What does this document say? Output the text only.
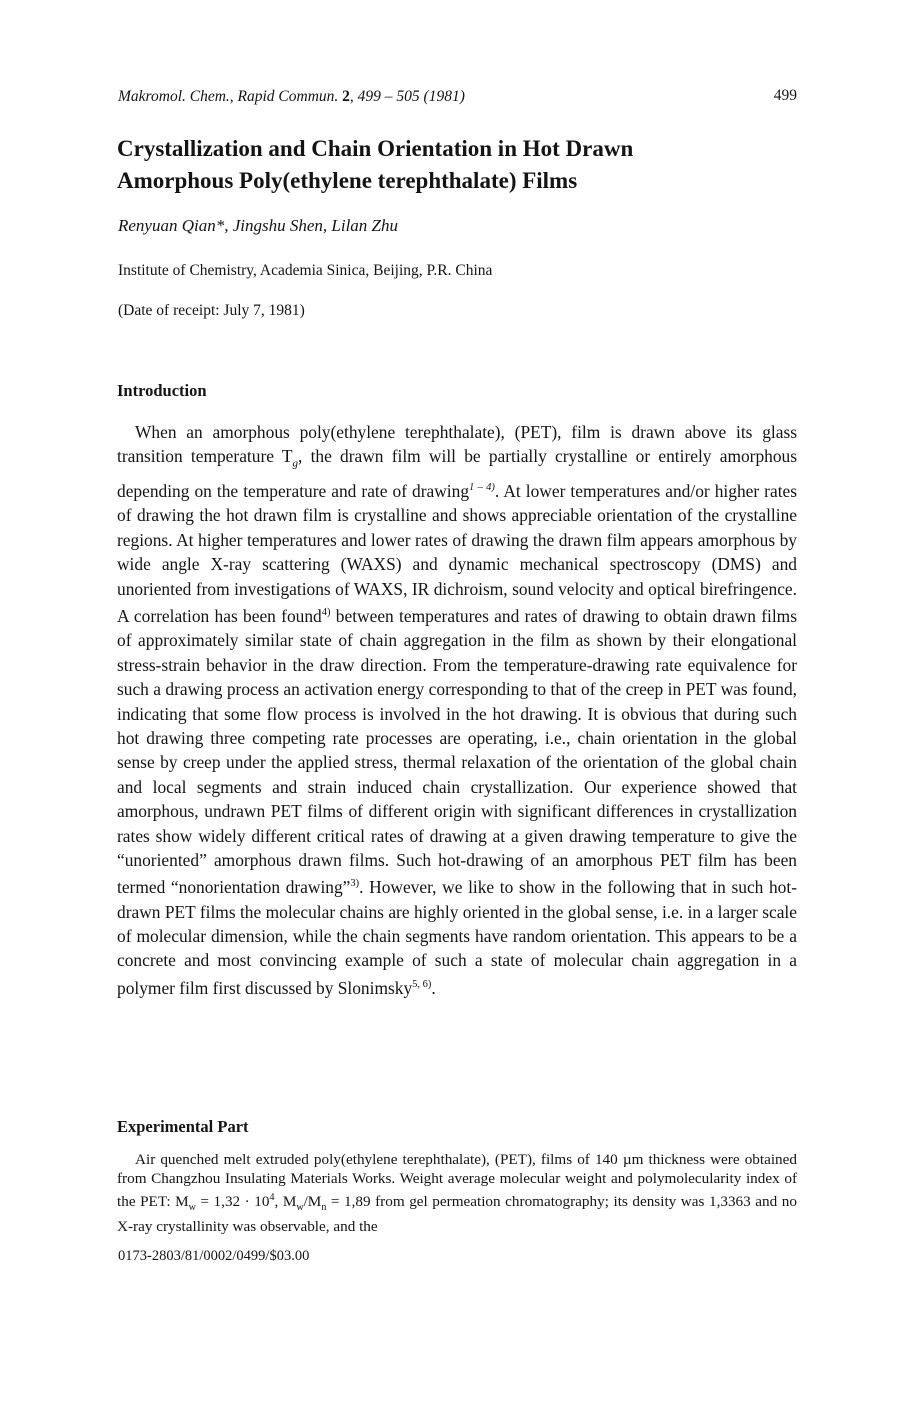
Makromol. Chem., Rapid Commun. 2, 499 – 505 (1981)	499
Crystallization and Chain Orientation in Hot Drawn
Amorphous Poly(ethylene terephthalate) Films
Renyuan Qian*, Jingshu Shen, Lilan Zhu
Institute of Chemistry, Academia Sinica, Beijing, P.R. China
(Date of receipt: July 7, 1981)
Introduction

When an amorphous poly(ethylene terephthalate), (PET), film is drawn above its glass transition temperature $T_g$, the drawn film will be partially crystalline or entirely amorphous depending on the temperature and rate of drawing$^{1 - 4)}$. At lower temperatures and/or higher rates of drawing the hot drawn film is crystalline and shows appreciable orientation of the crystalline regions. At higher temperatures and lower rates of drawing the drawn film appears amorphous by wide angle X-ray scattering (WAXS) and dynamic mechanical spectroscopy (DMS) and unoriented from investigations of WAXS, IR dichroism, sound velocity and optical birefringence. A correlation has been found$^{4)}$ between temperatures and rates of drawing to obtain drawn films of approximately similar state of chain aggregation in the film as shown by their elongational stress-strain behavior in the draw direction. From the temperature-drawing rate equivalence for such a drawing process an activation energy corresponding to that of the creep in PET was found, indicating that some flow process is involved in the hot drawing. It is obvious that during such hot drawing three competing rate processes are operating, i.e., chain orientation in the global sense by creep under the applied stress, thermal relaxation of the orientation of the global chain and local segments and strain induced chain crystallization. Our experience showed that amorphous, undrawn PET films of different origin with significant differences in crystallization rates show widely different critical rates of drawing at a given drawing temperature to give the “unoriented” amorphous drawn films. Such hot-drawing of an amorphous PET film has been termed “nonorientation drawing”$^{3)}$. However, we like to show in the following that in such hot-drawn PET films the molecular chains are highly oriented in the global sense, i.e. in a larger scale of molecular dimension, while the chain segments have random orientation. This appears to be a concrete and most convincing example of such a state of molecular chain aggregation in a polymer film first discussed by Slonimsky$^{5, 6)}$.

Experimental Part

Air quenched melt extruded poly(ethylene terephthalate), (PET), films of 140 µm thickness were obtained from Changzhou Insulating Materials Works. Weight average molecular weight and polymolecularity index of the PET: $M_w = 1,32 \cdot 10^4$, $M_w/M_n = 1,89$ from gel permeation chromatography; its density was 1,3363 and no X-ray crystallinity was observable, and the

0173-2803/81/0002/0499/$03.00
